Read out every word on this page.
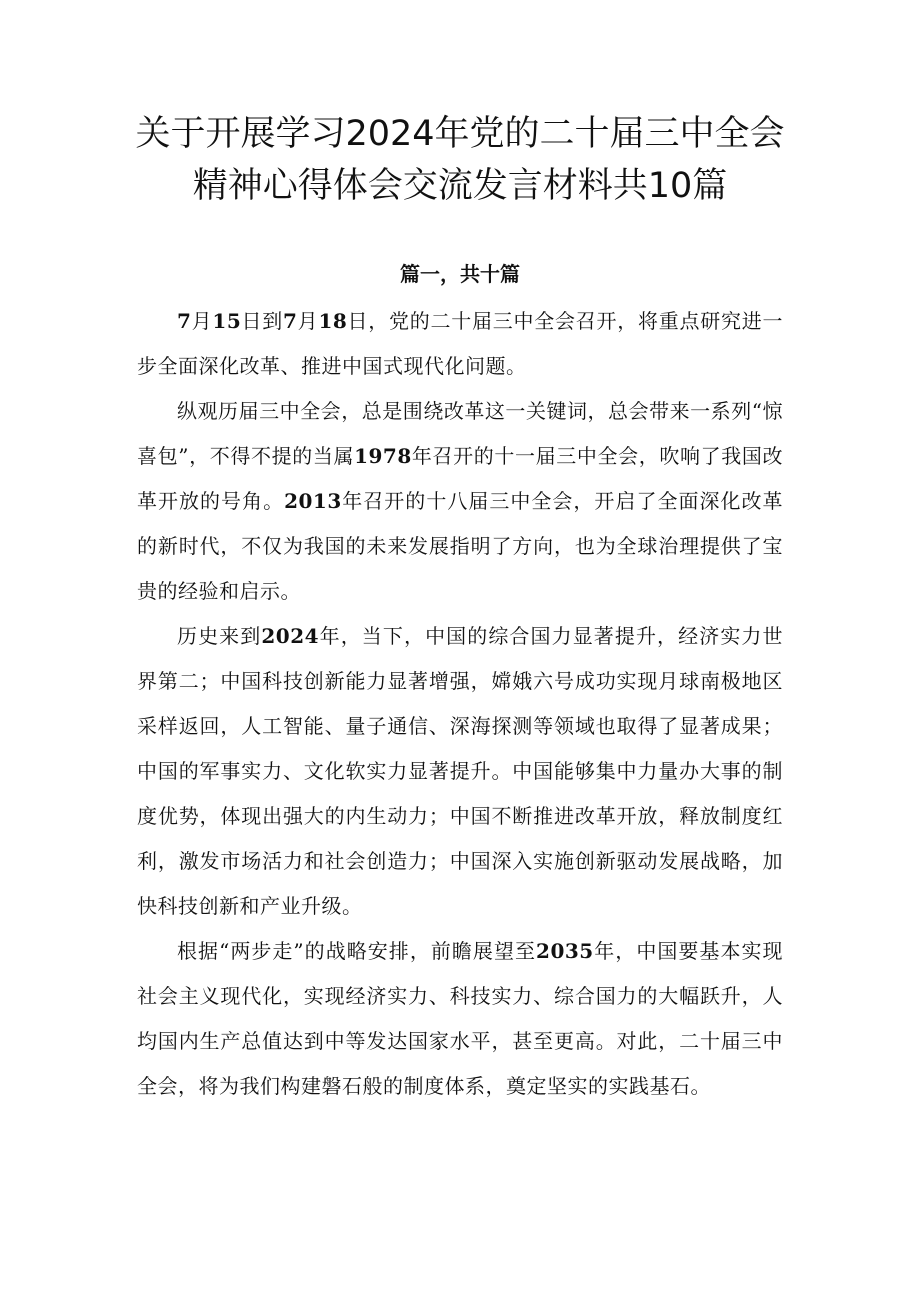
关于开展学习2024年党的二十届三中全会
精神心得体会交流发言材料共10篇
篇一，共十篇

7月15日到7月18日，党的二十届三中全会召开，将重点研究进一步全面深化改革、推进中国式现代化问题。

纵观历届三中全会，总是围绕改革这一关键词，总会带来一系列“惊喜包”，不得不提的当属1978年召开的十一届三中全会，吹响了我国改革开放的号角。2013年召开的十八届三中全会，开启了全面深化改革的新时代，不仅为我国的未来发展指明了方向，也为全球治理提供了宝贵的经验和启示。

历史来到2024年，当下，中国的综合国力显著提升，经济实力世界第二；中国科技创新能力显著增强，嫦娥六号成功实现月球南极地区采样返回，人工智能、量子通信、深海探测等领域也取得了显著成果；中国的军事实力、文化软实力显著提升。中国能够集中力量办大事的制度优势，体现出强大的内生动力；中国不断推进改革开放，释放制度红利，激发市场活力和社会创造力；中国深入实施创新驱动发展战略，加快科技创新和产业升级。

根据“两步走”的战略安排，前瞻展望至2035年，中国要基本实现社会主义现代化，实现经济实力、科技实力、综合国力的大幅跃升，人均国内生产总值达到中等发达国家水平，甚至更高。对此，二十届三中全会，将为我们构建磐石般的制度体系，奠定坚实的实践基石。
